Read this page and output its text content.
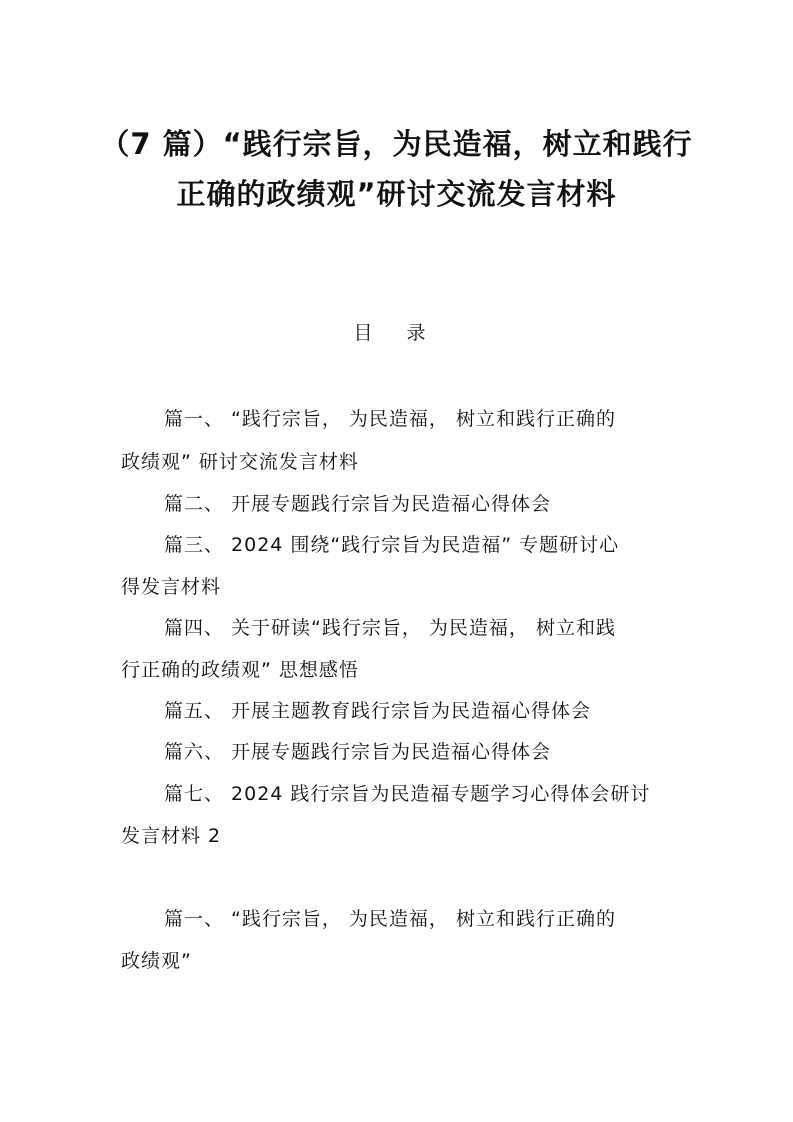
（7 篇）“践行宗旨，为民造福，树立和践行
正确的政绩观”研讨交流发言材料
目 录
篇一、 “践行宗旨， 为民造福， 树立和践行正确的
政绩观” 研讨交流发言材料
篇二、 开展专题践行宗旨为民造福心得体会
篇三、 2024 围绕“践行宗旨为民造福” 专题研讨心
得发言材料
篇四、 关于研读“践行宗旨， 为民造福， 树立和践
行正确的政绩观” 思想感悟
篇五、 开展主题教育践行宗旨为民造福心得体会
篇六、 开展专题践行宗旨为民造福心得体会
篇七、 2024 践行宗旨为民造福专题学习心得体会研讨
发言材料 2
篇一、 “践行宗旨， 为民造福， 树立和践行正确的
政绩观”
